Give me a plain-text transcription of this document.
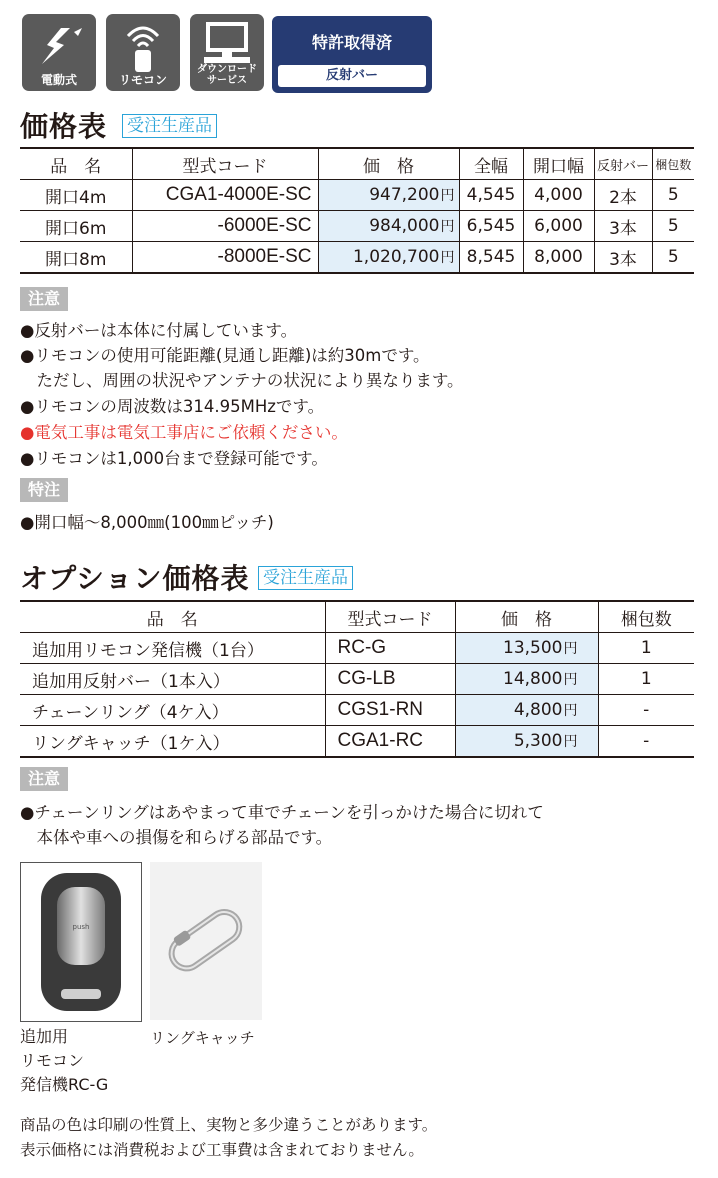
電動式	リモコン
ダウンロード
サービス
特許取得済
反射バー
価格表 受注生産品
品　名	型式コード	価　格	全幅	開口幅	反射バー	梱包数
開口4m	CGA1-4000E-SC	947,200円	4,545	4,000	2本	5
開口6m	-6000E-SC	984,000円	6,545	6,000	3本	5
開口8m	-8000E-SC	1,020,700円	8,545	8,000	3本	5
注意
●反射バーは本体に付属しています。
●リモコンの使用可能距離(見通し距離)は約30mです。
　ただし、周囲の状況やアンテナの状況により異なります。
●リモコンの周波数は314.95MHzです。
●電気工事は電気工事店にご依頼ください。
●リモコンは1,000台まで登録可能です。
特注
●開口幅～8,000㎜(100㎜ピッチ)
オプション価格表 受注生産品
品　名	型式コード	価　格	梱包数
追加用リモコン発信機（1台）	RC-G	13,500円	1
追加用反射バー（1本入）	CG-LB	14,800円	1
チェーンリング（4ケ入）	CGS1-RN	4,800円	-
リングキャッチ（1ケ入）	CGA1-RC	5,300円	-
注意
●チェーンリングはあやまって車でチェーンを引っかけた場合に切れて
　本体や車への損傷を和らげる部品です。
push
追加用
リモコン
発信機RC-G
リングキャッチ
商品の色は印刷の性質上、実物と多少違うことがあります。
表示価格には消費税および工事費は含まれておりません。
